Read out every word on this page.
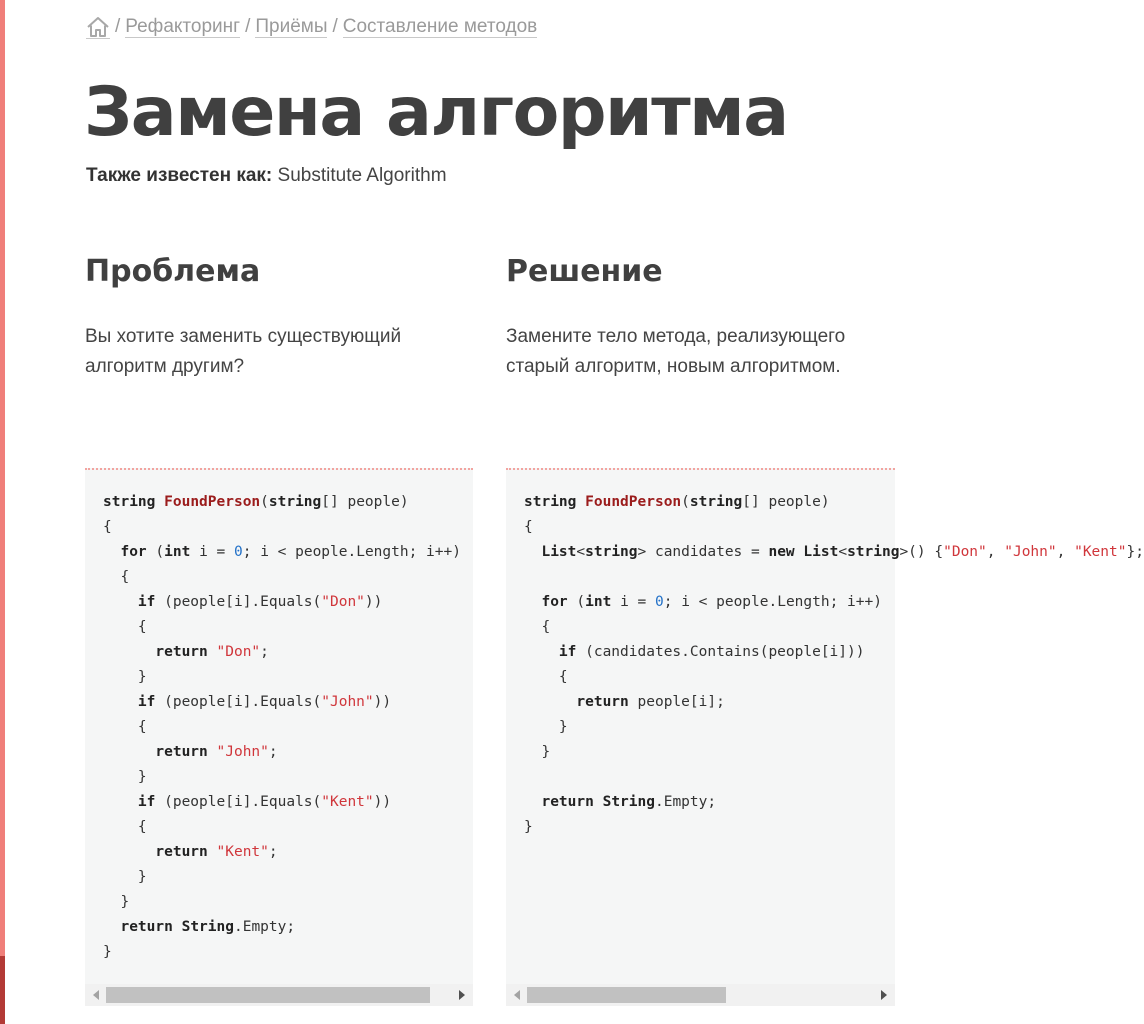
/ Рефакторинг / Приёмы / Составление методов
Замена алгоритма
Также известен как: Substitute Algorithm
Проблема	Решение
Вы хотите заменить существующий алгоритм другим?
Замените тело метода, реализующего старый алгоритм, новым алгоритмом.
string FoundPerson(string[] people)
{
for (int i = 0; i < people.Length; i++)
{
if (people[i].Equals("Don"))
{
return "Don";
}
if (people[i].Equals("John"))
{
return "John";
}
if (people[i].Equals("Kent"))
{
return "Kent";
}
}
return String.Empty;
}
string FoundPerson(string[] people)
{
List<string> candidates = new List<string>() {"Don", "John", "Kent"};

for (int i = 0; i < people.Length; i++)
{
if (candidates.Contains(people[i]))
{
return people[i];
}
}

return String.Empty;
}
